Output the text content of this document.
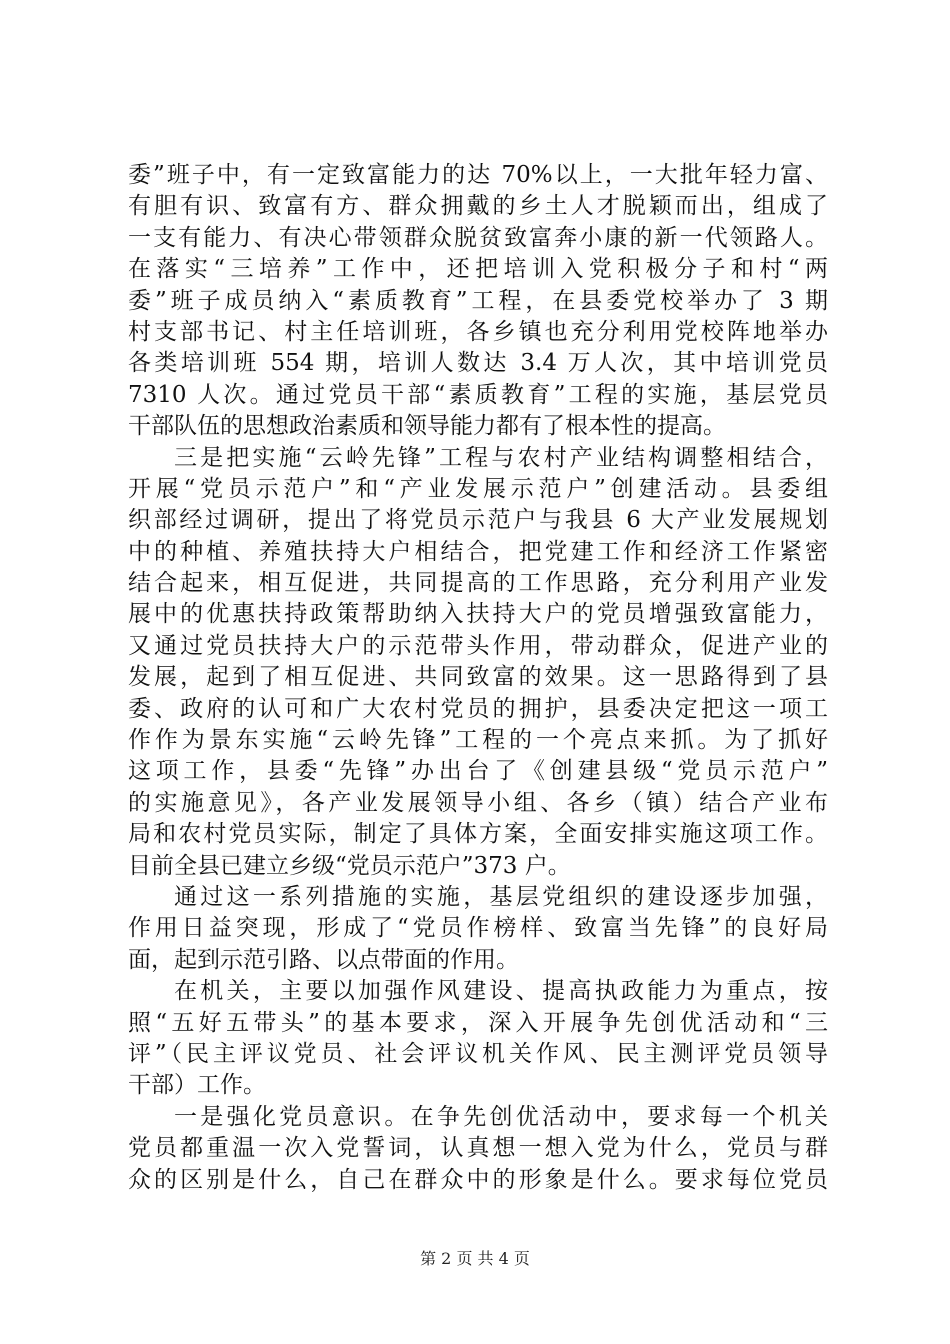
委”班子中，有一定致富能力的达 70%以上，一大批年轻力富、
有胆有识、致富有方、群众拥戴的乡土人才脱颖而出，组成了
一支有能力、有决心带领群众脱贫致富奔小康的新一代领路人。
在落实“三培养”工作中，还把培训入党积极分子和村“两
委”班子成员纳入“素质教育”工程，在县委党校举办了 3 期
村支部书记、村主任培训班，各乡镇也充分利用党校阵地举办
各类培训班 554 期，培训人数达 3.4 万人次，其中培训党员
7310 人次。通过党员干部“素质教育”工程的实施，基层党员
干部队伍的思想政治素质和领导能力都有了根本性的提高。
三是把实施“云岭先锋”工程与农村产业结构调整相结合，
开展“党员示范户”和“产业发展示范户”创建活动。县委组
织部经过调研，提出了将党员示范户与我县 6 大产业发展规划
中的种植、养殖扶持大户相结合，把党建工作和经济工作紧密
结合起来，相互促进，共同提高的工作思路，充分利用产业发
展中的优惠扶持政策帮助纳入扶持大户的党员增强致富能力，
又通过党员扶持大户的示范带头作用，带动群众，促进产业的
发展，起到了相互促进、共同致富的效果。这一思路得到了县
委、政府的认可和广大农村党员的拥护，县委决定把这一项工
作作为景东实施“云岭先锋”工程的一个亮点来抓。为了抓好
这项工作，县委“先锋”办出台了《创建县级“党员示范户”
的实施意见》，各产业发展领导小组、各乡（镇）结合产业布
局和农村党员实际，制定了具体方案，全面安排实施这项工作。
目前全县已建立乡级“党员示范户”373 户。
通过这一系列措施的实施，基层党组织的建设逐步加强，
作用日益突现，形成了“党员作榜样、致富当先锋”的良好局
面，起到示范引路、以点带面的作用。
在机关，主要以加强作风建设、提高执政能力为重点，按
照“五好五带头”的基本要求，深入开展争先创优活动和“三
评”（民主评议党员、社会评议机关作风、民主测评党员领导
干部）工作。
一是强化党员意识。在争先创优活动中，要求每一个机关
党员都重温一次入党誓词，认真想一想入党为什么，党员与群
众的区别是什么，自己在群众中的形象是什么。要求每位党员
第 2 页 共 4 页
